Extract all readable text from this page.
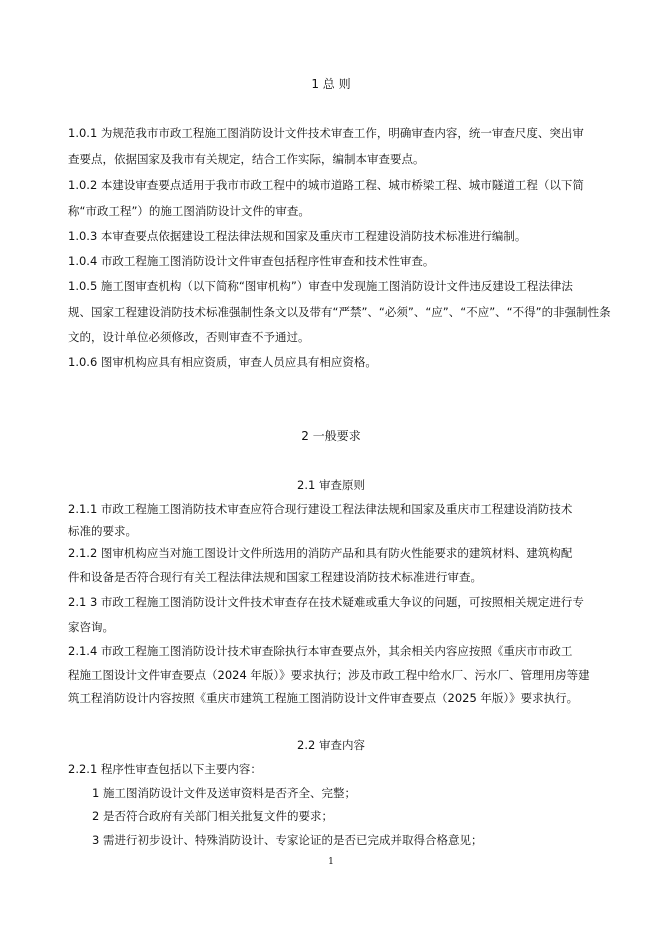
1 总 则
1.0.1 为规范我市市政工程施工图消防设计文件技术审查工作，明确审查内容，统一审查尺度、突出审
查要点，依据国家及我市有关规定，结合工作实际，编制本审查要点。
1.0.2 本建设审查要点适用于我市市政工程中的城市道路工程、城市桥梁工程、城市隧道工程（以下简
称“市政工程”）的施工图消防设计文件的审查。
1.0.3 本审查要点依据建设工程法律法规和国家及重庆市工程建设消防技术标准进行编制。
1.0.4 市政工程施工图消防设计文件审查包括程序性审查和技术性审查。
1.0.5 施工图审查机构（以下简称“图审机构”）审查中发现施工图消防设计文件违反建设工程法律法
规、国家工程建设消防技术标准强制性条文以及带有“严禁”、“必须”、“应”、“不应”、“不得”的非强制性条
文的，设计单位必须修改，否则审查不予通过。
1.0.6 图审机构应具有相应资质，审查人员应具有相应资格。
2 一般要求
2.1 审查原则
2.1.1 市政工程施工图消防技术审查应符合现行建设工程法律法规和国家及重庆市工程建设消防技术
标准的要求。
2.1.2 图审机构应当对施工图设计文件所选用的消防产品和具有防火性能要求的建筑材料、建筑构配
件和设备是否符合现行有关工程法律法规和国家工程建设消防技术标准进行审查。
2.1 3 市政工程施工图消防设计文件技术审查存在技术疑难或重大争议的问题，可按照相关规定进行专
家咨询。
2.1.4 市政工程施工图消防设计技术审查除执行本审查要点外，其余相关内容应按照《重庆市市政工
程施工图设计文件审查要点（2024 年版）》要求执行；涉及市政工程中给水厂、污水厂、管理用房等建
筑工程消防设计内容按照《重庆市建筑工程施工图消防设计文件审查要点（2025 年版）》要求执行。
2.2 审查内容
2.2.1 程序性审查包括以下主要内容：
1 施工图消防设计文件及送审资料是否齐全、完整；
2 是否符合政府有关部门相关批复文件的要求；
3 需进行初步设计、特殊消防设计、专家论证的是否已完成并取得合格意见；
1
